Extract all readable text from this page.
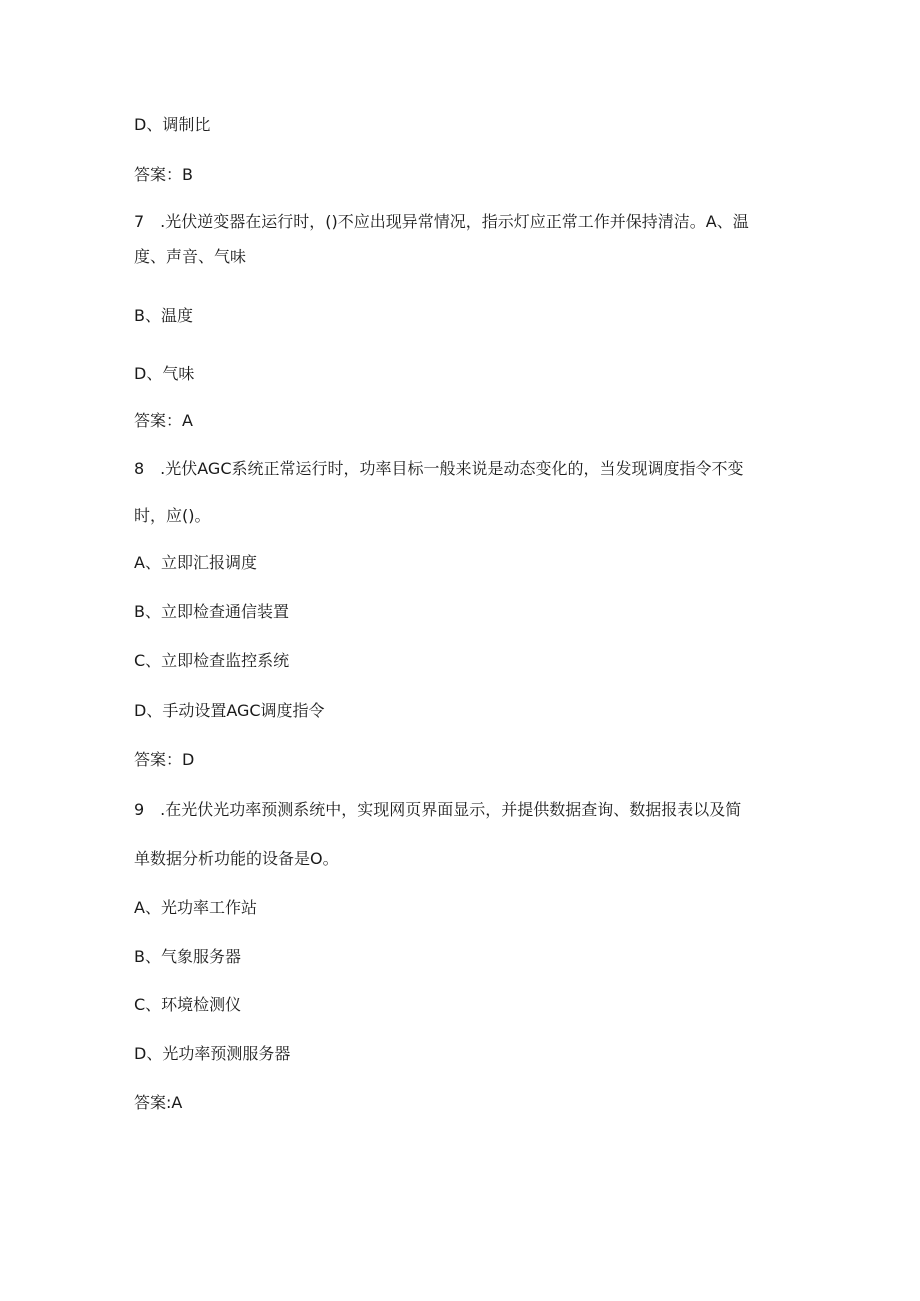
D、调制比
答案：B
7　.光伏逆变器在运行时，()不应出现异常情况，指示灯应正常工作并保持清洁。A、温
度、声音、气味
B、温度
D、气味
答案：A
8　.光伏AGC系统正常运行时，功率目标一般来说是动态变化的，当发现调度指令不变
时，应()。
A、立即汇报调度
B、立即检查通信装置
C、立即检查监控系统
D、手动设置AGC调度指令
答案：D
9　.在光伏光功率预测系统中，实现网页界面显示，并提供数据查询、数据报表以及简
单数据分析功能的设备是O。
A、光功率工作站
B、气象服务器
C、环境检测仪
D、光功率预测服务器
答案:A
